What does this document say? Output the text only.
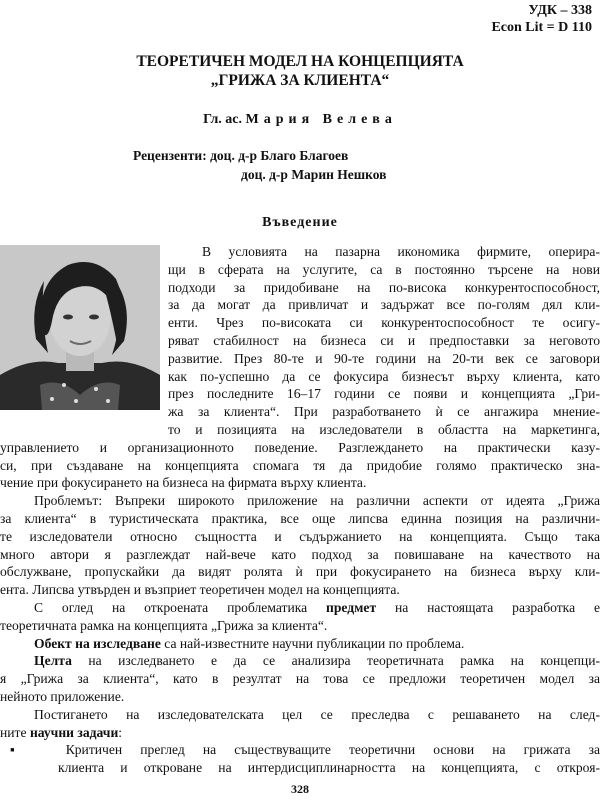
УДК – 338
Econ Lit = D 110
ТЕОРЕТИЧЕН МОДЕЛ НА КОНЦЕПЦИЯТА
„ГРИЖА ЗА КЛИЕНТА“
Гл. ас. Мария Велева
Рецензенти: доц. д-р Благо Благоев
доц. д-р Марин Нешков
Въведение
В условията на пазарна икономика фирмите, опериpa-
щи в сферата на услугите, са в постоянно търсене на нови
подходи за придобиване на по-висока конкурентоспособност,
за да могат да привличат и задържат все по-голям дял кли-
енти. Чрез по-високата си конкурентоспособност те осигу-
ряват стабилност на бизнеса си и предпоставки за неговото
развитие. През 80-те и 90-те години на 20-ти век се заговори
как по-успешно да се фокусира бизнесът върху клиента, като
през последните 16–17 години се появи и концепцията „Гри-
жа за клиента“. При разработването ѝ се ангажира мнение-
то и позицията на изследователи в областта на маркетинга,
управлението и организационното поведение. Разглеждането на практически казу-
си, при създаване на концепцията спомага тя да придобие голямо практическо зна-
чение при фокусирането на бизнеса на фирмата върху клиента.
Проблемът: Въпреки широкото приложение на различни аспекти от идеята „Грижа
за клиента“ в туристическата практика, все още липсва единна позиция на различни-
те изследователи относно същността и съдържанието на концепцията. Също така
много автори я разглеждат най-вече като подход за повишаване на качеството на
обслужване, пропускайки да видят ролята ѝ при фокусирането на бизнеса върху кли-
ента. Липсва утвърден и възприет теоретичен модел на концепцията.
С оглед на откроената проблематика предмет на настоящата разработка е
теоретичната рамка на концепцията „Грижа за клиента“.
Обект на изследване са най-известните научни публикации по проблема.
Целта на изследването е да се анализира теоретичната рамка на концепци-
я „Грижа за клиента“, като в резултат на това се предложи теоретичен модел за
нейното приложение.
Постигането на изследователската цел се преследва с решаването на след-
ните научни задачи:
▪	Критичен преглед на съществуващите теоретични основи на грижата за
клиента и откроване на интердисциплинарността на концепцията, с откроя-
328
